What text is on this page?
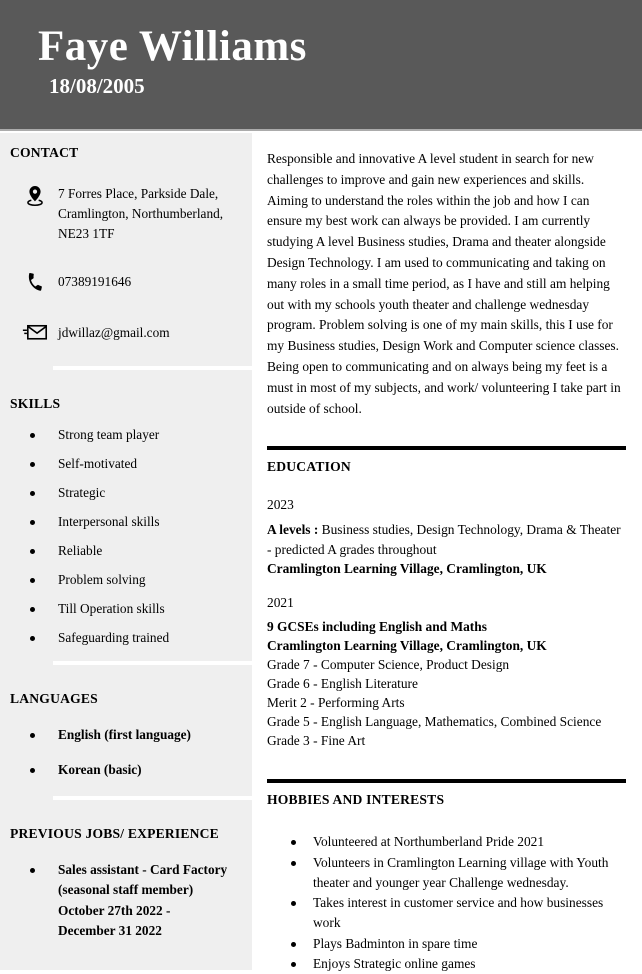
Faye Williams
18/08/2005
CONTACT
7 Forres Place, Parkside Dale, Cramlington, Northumberland, NE23 1TF
07389191646
jdwillaz@gmail.com
SKILLS
Strong team player
Self-motivated
Strategic
Interpersonal skills
Reliable
Problem solving
Till Operation skills
Safeguarding trained
LANGUAGES
English (first language)
Korean (basic)
PREVIOUS JOBS/ EXPERIENCE
Sales assistant - Card Factory
(seasonal staff member)
October 27th 2022 -
December 31 2022

Responsible and innovative A level student in search for new challenges to improve and gain new experiences and skills. Aiming to understand the roles within the job and how I can ensure my best work can always be provided. I am currently studying A level Business studies, Drama and theater alongside Design Technology. I am used to communicating and taking on many roles in a small time period, as I have and still am helping out with my schools youth theater and challenge wednesday program. Problem solving is one of my main skills, this I use for my Business studies, Design Work and Computer science classes. Being open to communicating and on always being my feet is a must in most of my subjects, and work/ volunteering I take part in outside of school.

EDUCATION
2023

A levels : Business studies, Design Technology, Drama & Theater - predicted A grades throughout

Cramlington Learning Village, Cramlington, UK
2021
9 GCSEs including English and Maths
Cramlington Learning Village, Cramlington, UK
Grade 7 - Computer Science, Product Design
Grade 6 - English Literature
Merit 2 - Performing Arts
Grade 5 - English Language, Mathematics, Combined Science
Grade 3 - Fine Art
HOBBIES AND INTERESTS
Volunteered at Northumberland Pride 2021
Volunteers in Cramlington Learning village with Youth theater and younger year Challenge wednesday.
Takes interest in customer service and how businesses work
Plays Badminton in spare time
Enjoys Strategic online games
